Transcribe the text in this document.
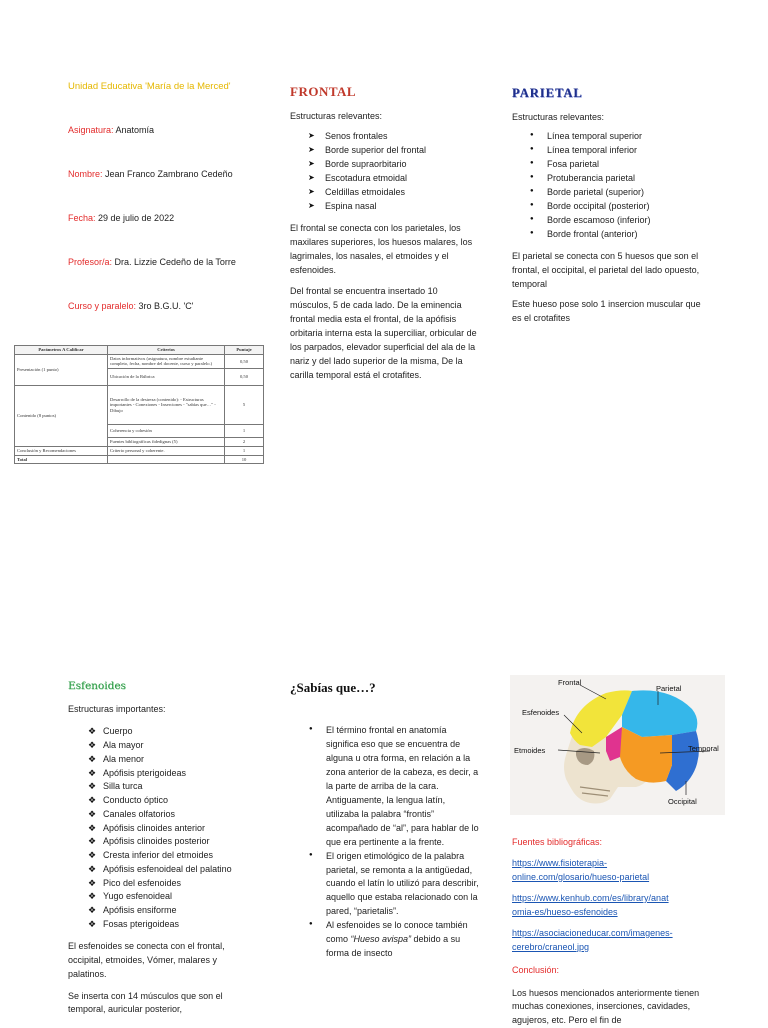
Unidad Educativa 'María de la Merced'

Asignatura: Anatomía

Nombre: Jean Franco Zambrano Cedeño

Fecha: 29 de julio de 2022

Profesor/a: Dra. Lizzie Cedeño de la Torre

Curso y paralelo: 3ro B.G.U. 'C'

Parámetros A Calificar	Criterios	Puntaje
Presentación (1 punto)	Datos informativos (asignatura, nombre estudiante completo, fecha, nombre del docente, curso y paralelo.)	0,50
	Ubicación de la Rúbrica	0,50
Contenido (8 puntos)	Desarrollo de la destreza (contenido): - Estructuras importantes - Conexiones - Inserciones - "sabías que…" - Dibujo	5
	Coherencia y cohesión	1
	Fuentes bibliográficas fidedignas (5)	2
Conclusión y Recomendaciones	Criterio personal y coherente.	1
Total		10
FRONTAL

Estructuras relevantes:

➤ Senos frontales
➤ Borde superior del frontal
➤ Borde supraorbitario
➤ Escotadura etmoidal
➤ Celdillas etmoidales
➤ Espina nasal

El frontal se conecta con los parietales, los maxilares superiores, los huesos malares, los lagrimales, los nasales, el etmoides y el esfenoides.

Del frontal se encuentra insertado 10 músculos, 5 de cada lado. De la eminencia frontal media esta el frontal, de la apófisis orbitaria interna esta la superciliar, orbicular de los parpados, elevador superficial del ala de la nariz y del lado superior de la misma, De la carilla temporal está el crotafites.

PARIETAL

Estructuras relevantes:

● Línea temporal superior
● Línea temporal inferior
● Fosa parietal
● Protuberancia parietal
● Borde parietal (superior)
● Borde occipital (posterior)
● Borde escamoso (inferior)
● Borde frontal (anterior)

El parietal se conecta con 5 huesos que son el frontal, el occipital, el parietal del lado opuesto, temporal

Este hueso pose solo 1 insercion muscular que es el crotafites

Esfenoides

Estructuras importantes:

❖ Cuerpo
❖ Ala mayor
❖ Ala menor
❖ Apófisis pterigoideas
❖ Silla turca
❖ Conducto óptico
❖ Canales olfatorios
❖ Apófisis clinoides anterior
❖ Apófisis clinoides posterior
❖ Cresta inferior del etmoides
❖ Apófisis esfenoideal del palatino
❖ Pico del esfenoides
❖ Yugo esfenoideal
❖ Apófisis ensiforme
❖ Fosas pterigoideas

El esfenoides se conecta con el frontal, occipital, etmoides, Vómer, malares y palatinos.

Se inserta con 14 músculos que son el temporal, auricular posterior,

¿Sabías que…?
● El término frontal en anatomía significa eso que se encuentra de alguna u otra forma, en relación a la zona anterior de la cabeza, es decir, a la parte de arriba de la cara. Antiguamente, la lengua latín, utilizaba la palabra “frontis” acompañado de “al”, para hablar de lo que era pertinente a la frente.
● El origen etimológico de la palabra parietal, se remonta a la antigüedad, cuando el latín lo utilizó para describir, aquello que estaba relacionado con la pared, “parietalis”.
● Al esfenoides se lo conoce también como “Hueso avispa” debido a su forma de insecto
Frontal
Parietal
Esfenoides
Etmoides	Temporal
Occipital

Fuentes bibliográficas:

https://www.fisioterapia-
online.com/glosario/hueso-parietal
https://www.kenhub.com/es/library/anat
omia-es/hueso-esfenoides
https://asociacioneducar.com/imagenes-
cerebro/craneol.jpg

Conclusión:

Los huesos mencionados anteriormente tienen muchas conexiones, inserciones, cavidades, agujeros, etc. Pero el fin de
